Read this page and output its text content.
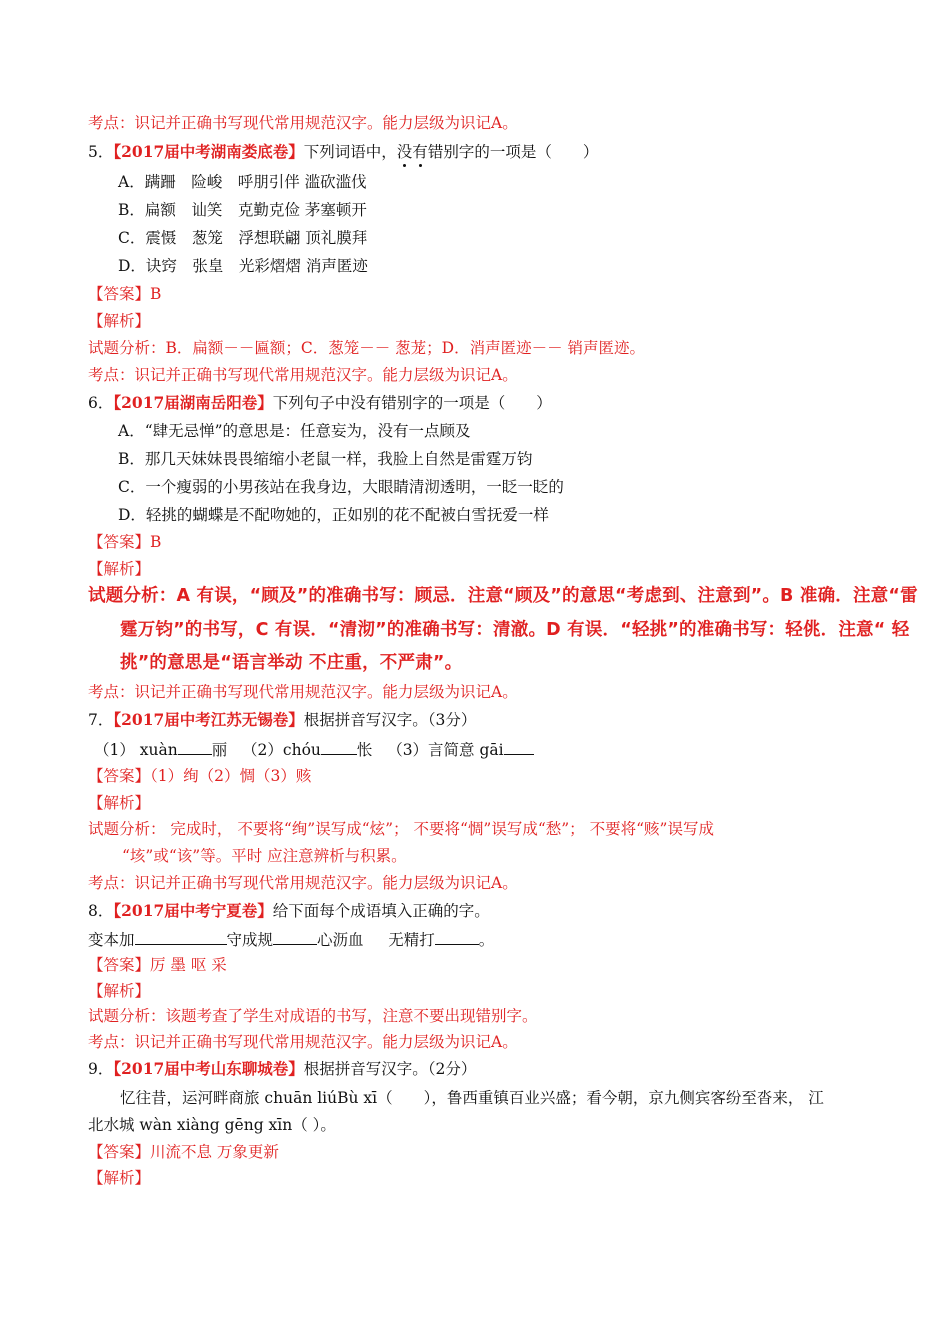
考点：识记并正确书写现代常用规范汉字。能力层级为识记A。
5．【2017届中考湖南娄底卷】下列词语中，没有错别字的一项是（　　）
A．蹒跚　险峻　呼朋引伴 滥砍滥伐
B．扁额　讪笑　克勤克俭 茅塞顿开
C．震慑　葱笼　浮想联翩 顶礼膜拜
D．诀窍　张皇　光彩熠熠 消声匿迹
【答案】B
【解析】
试题分析：B．扁额－－匾额；C．葱笼－－ 葱茏；D．消声匿迹－－ 销声匿迹。
考点：识记并正确书写现代常用规范汉字。能力层级为识记A。
6．【2017届湖南岳阳卷】下列句子中没有错别字的一项是（　　）
A．“肆无忌惮”的意思是：任意妄为，没有一点顾及
B．那几天妹妹畏畏缩缩小老鼠一样，我脸上自然是雷霆万钧
C．一个瘦弱的小男孩站在我身边，大眼睛清沏透明，一眨一眨的
D．轻挑的蝴蝶是不配吻她的，正如别的花不配被白雪抚爱一样
【答案】B
【解析】
试题分析：A 有误，“顾及”的准确书写：顾忌．注意“顾及”的意思“考虑到、注意到”。B 准确．注意“雷
霆万钧”的书写，C 有误．“清沏”的准确书写：清澈。D 有误．“轻挑”的准确书写：轻佻．注意“ 轻
挑”的意思是“语言举动 不庄重，不严肃”。
考点：识记并正确书写现代常用规范汉字。能力层级为识记A。
7．【2017届中考江苏无锡卷】根据拼音写汉字。（3分）
（1） xuàn 丽 （2）chóu 怅 （3）言简意 gāi
【答案】（1）绚（2）惆（3）赅
【解析】
试题分析： 完成时， 不要将“绚”误写成“炫”； 不要将“惆”误写成“愁”； 不要将“赅”误写成
“垓”或“该”等。平时 应注意辨析与积累。
考点：识记并正确书写现代常用规范汉字。能力层级为识记A。
8．【2017届中考宁夏卷】给下面每个成语填入正确的字。
变本加	守成规	心沥血 无精打	。
【答案】厉 墨 呕 采
【解析】
试题分析：该题考查了学生对成语的书写，注意不要出现错别字。
考点：识记并正确书写现代常用规范汉字。能力层级为识记A。
9．【2017届中考山东聊城卷】根据拼音写汉字。（2分）
忆往昔，运河畔商旅 chuān liúBù xī（　　），鲁西重镇百业兴盛；看今朝，京九侧宾客纷至沓来， 江
北水城 wàn xiàng gēng xīn（ ）。
【答案】川流不息 万象更新
【解析】
